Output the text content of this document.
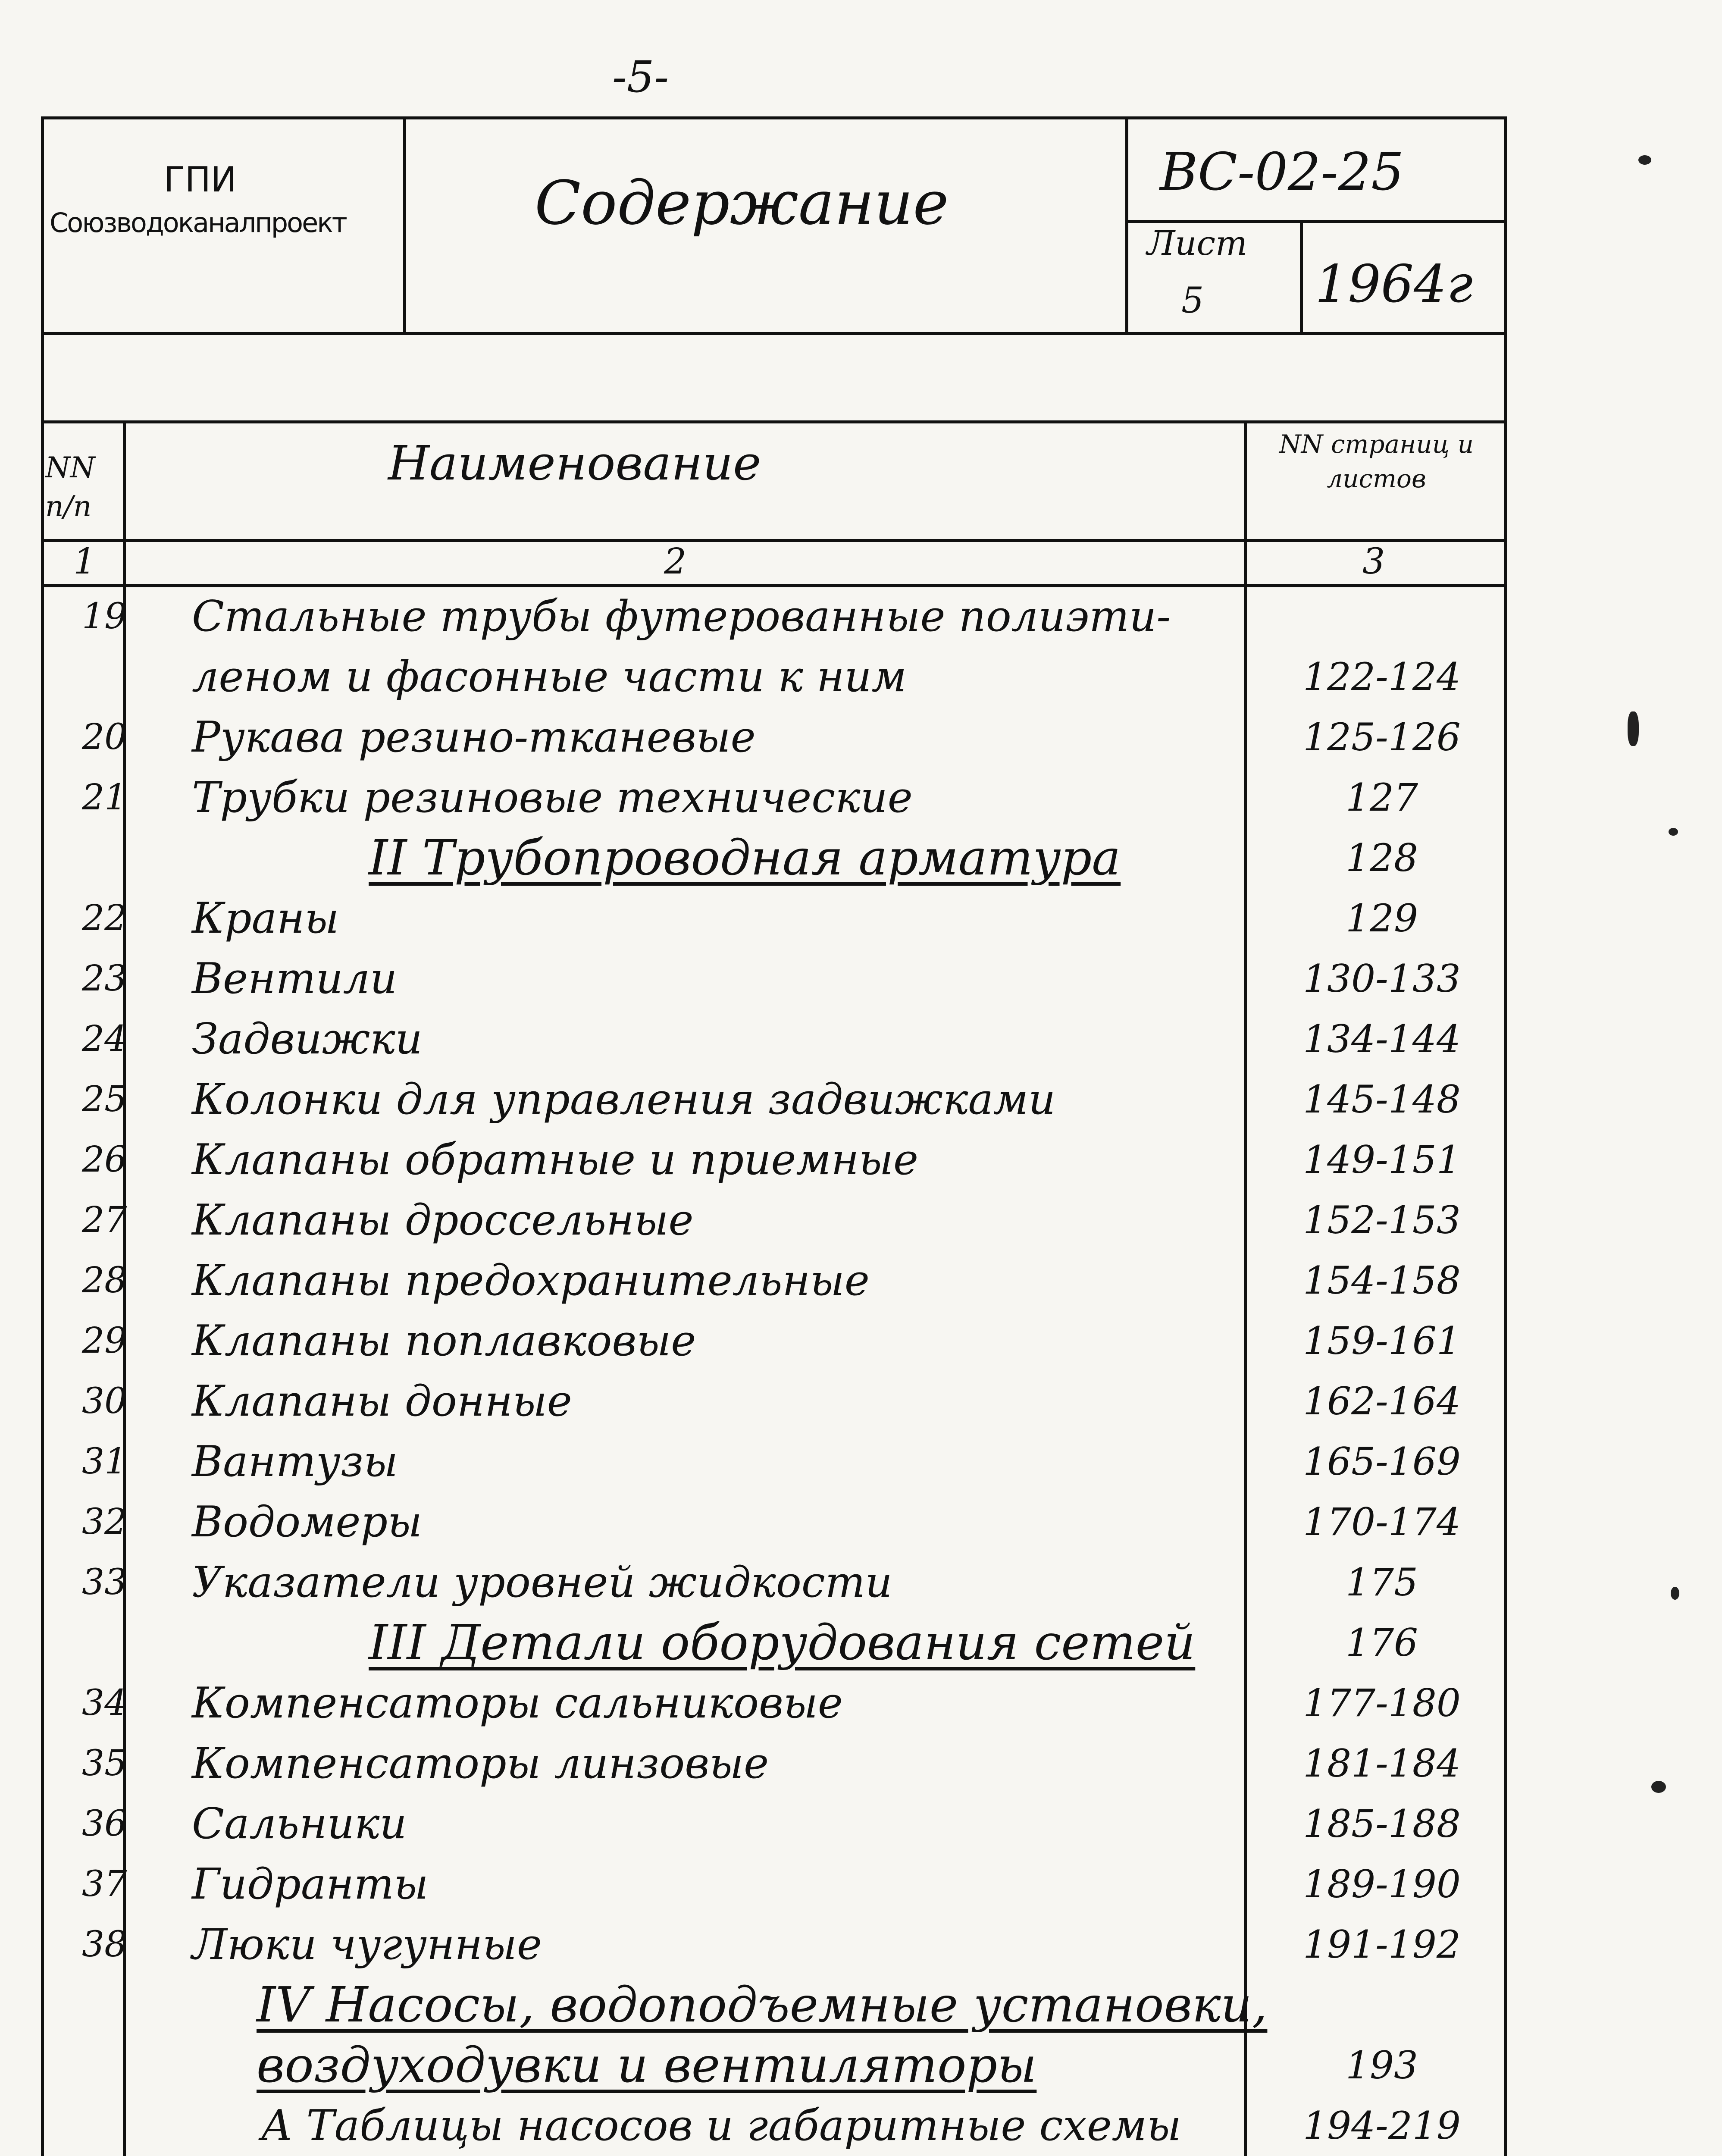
-5-
ГПИ
Союзводоканалпроект	Содержание	ВС-02-25
Лист
5 1964г
NN п/п
Наименование	NN страниц и листов
1	2	3
19 Стальные трубы футерованные полиэти-
леном и фасонные части к ним	122-124
20 Рукава резино-тканевые	125-126
21 Трубки резиновые технические	127
II Трубопроводная арматура	128
22 Краны	129
23 Вентили	130-133
24 Задвижки	134-144
25 Колонки для управления задвижками	145-148
26 Клапаны обратные и приемные	149-151
27 Клапаны дроссельные	152-153
28 Клапаны предохранительные	154-158
29 Клапаны поплавковые	159-161
30 Клапаны донные	162-164
31 Вантузы	165-169
32 Водомеры	170-174
33 Указатели уровней жидкости	175
III Детали оборудования сетей	176
34 Компенсаторы сальниковые	177-180
35 Компенсаторы линзовые	181-184
36 Сальники	185-188
37 Гидранты	189-190
38 Люки чугунные	191-192
IV Насосы, водоподъемные установки,
воздуходувки и вентиляторы	193
А Таблицы насосов и габаритные схемы	194-219
